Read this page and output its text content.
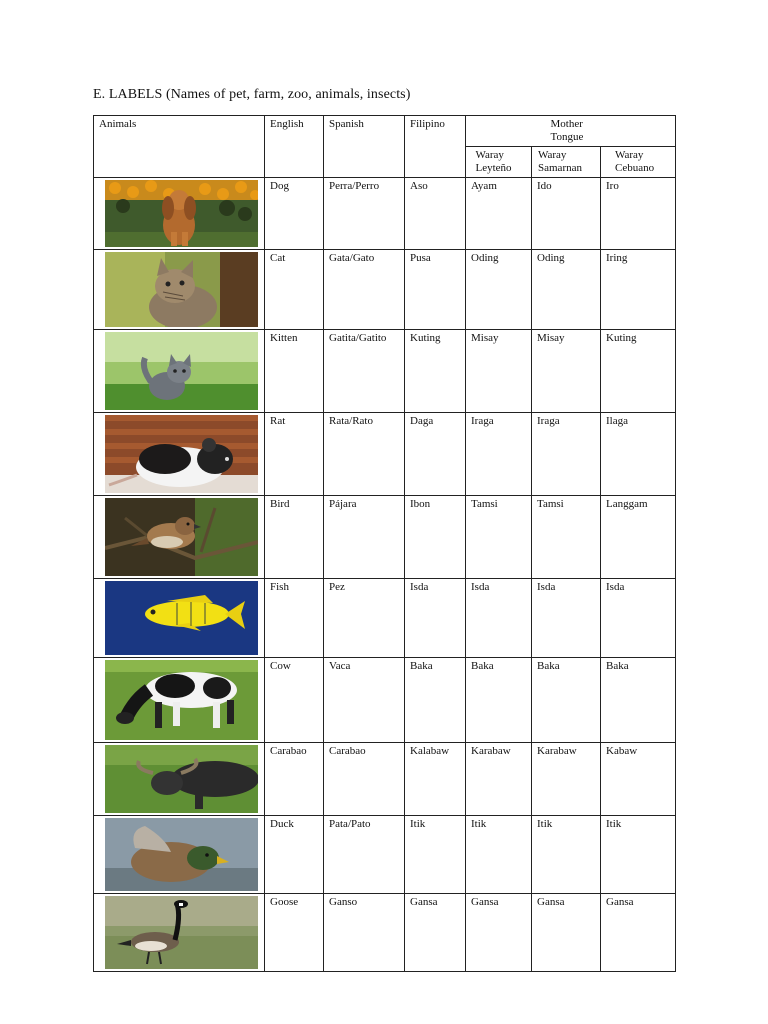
E. LABELS (Names of pet, farm, zoo, animals, insects)
Animals	English	Spanish	Filipino	Mother Tongue		

				Waray Leyteño	Waray Samarnan	Waray Cebuano

	Dog	Perra/Perro	Aso	Ayam	Ido	Iro

	Cat	Gata/Gato	Pusa	Oding	Oding	Iring

	Kitten	Gatita/Gatito	Kuting	Misay	Misay	Kuting

	Rat	Rata/Rato	Daga	Iraga	Iraga	Ilaga

	Bird	Pájara	Ibon	Tamsi	Tamsi	Langgam

	Fish	Pez	Isda	Isda	Isda	Isda

	Cow	Vaca	Baka	Baka	Baka	Baka

	Carabao	Carabao	Kalabaw	Karabaw	Karabaw	Kabaw

	Duck	Pata/Pato	Itik	Itik	Itik	Itik

	Goose	Ganso	Gansa	Gansa	Gansa	Gansa
